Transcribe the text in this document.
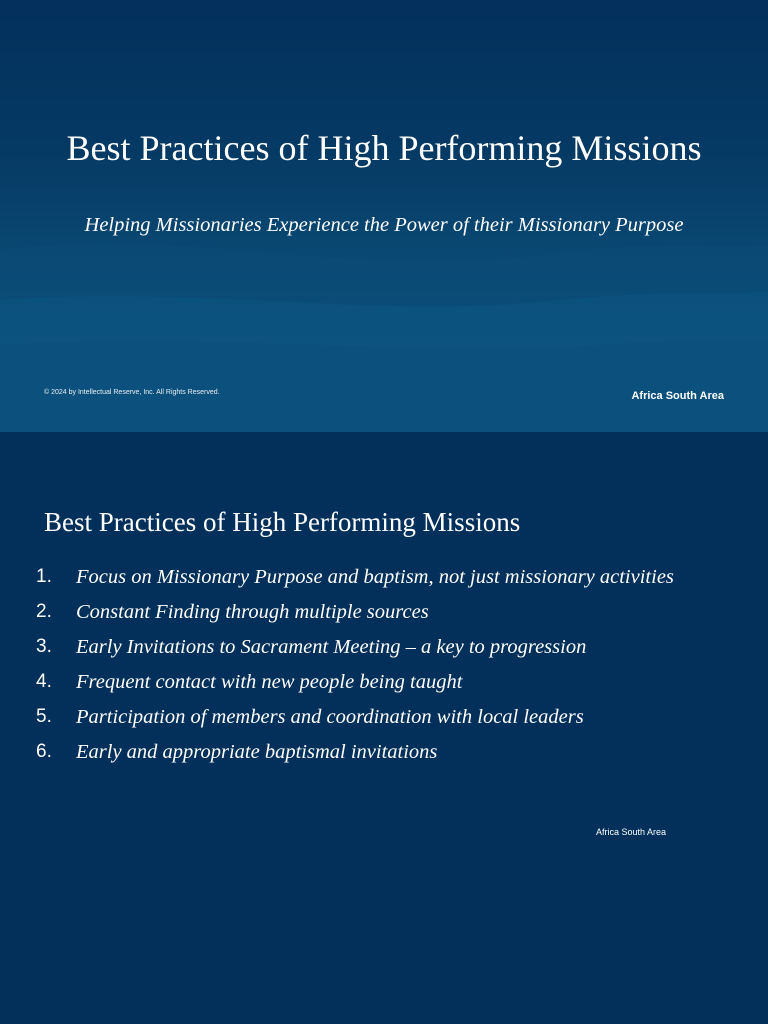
Best Practices of High Performing Missions
Helping Missionaries Experience the Power of their Missionary Purpose
© 2024 by Intellectual Reserve, Inc. All Rights Reserved.	Africa South Area
Best Practices of High Performing Missions
1. Focus on Missionary Purpose and baptism, not just missionary activities
2. Constant Finding through multiple sources
3. Early Invitations to Sacrament Meeting – a key to progression
4. Frequent contact with new people being taught
5. Participation of members and coordination with local leaders
6. Early and appropriate baptismal invitations
Africa South Area
